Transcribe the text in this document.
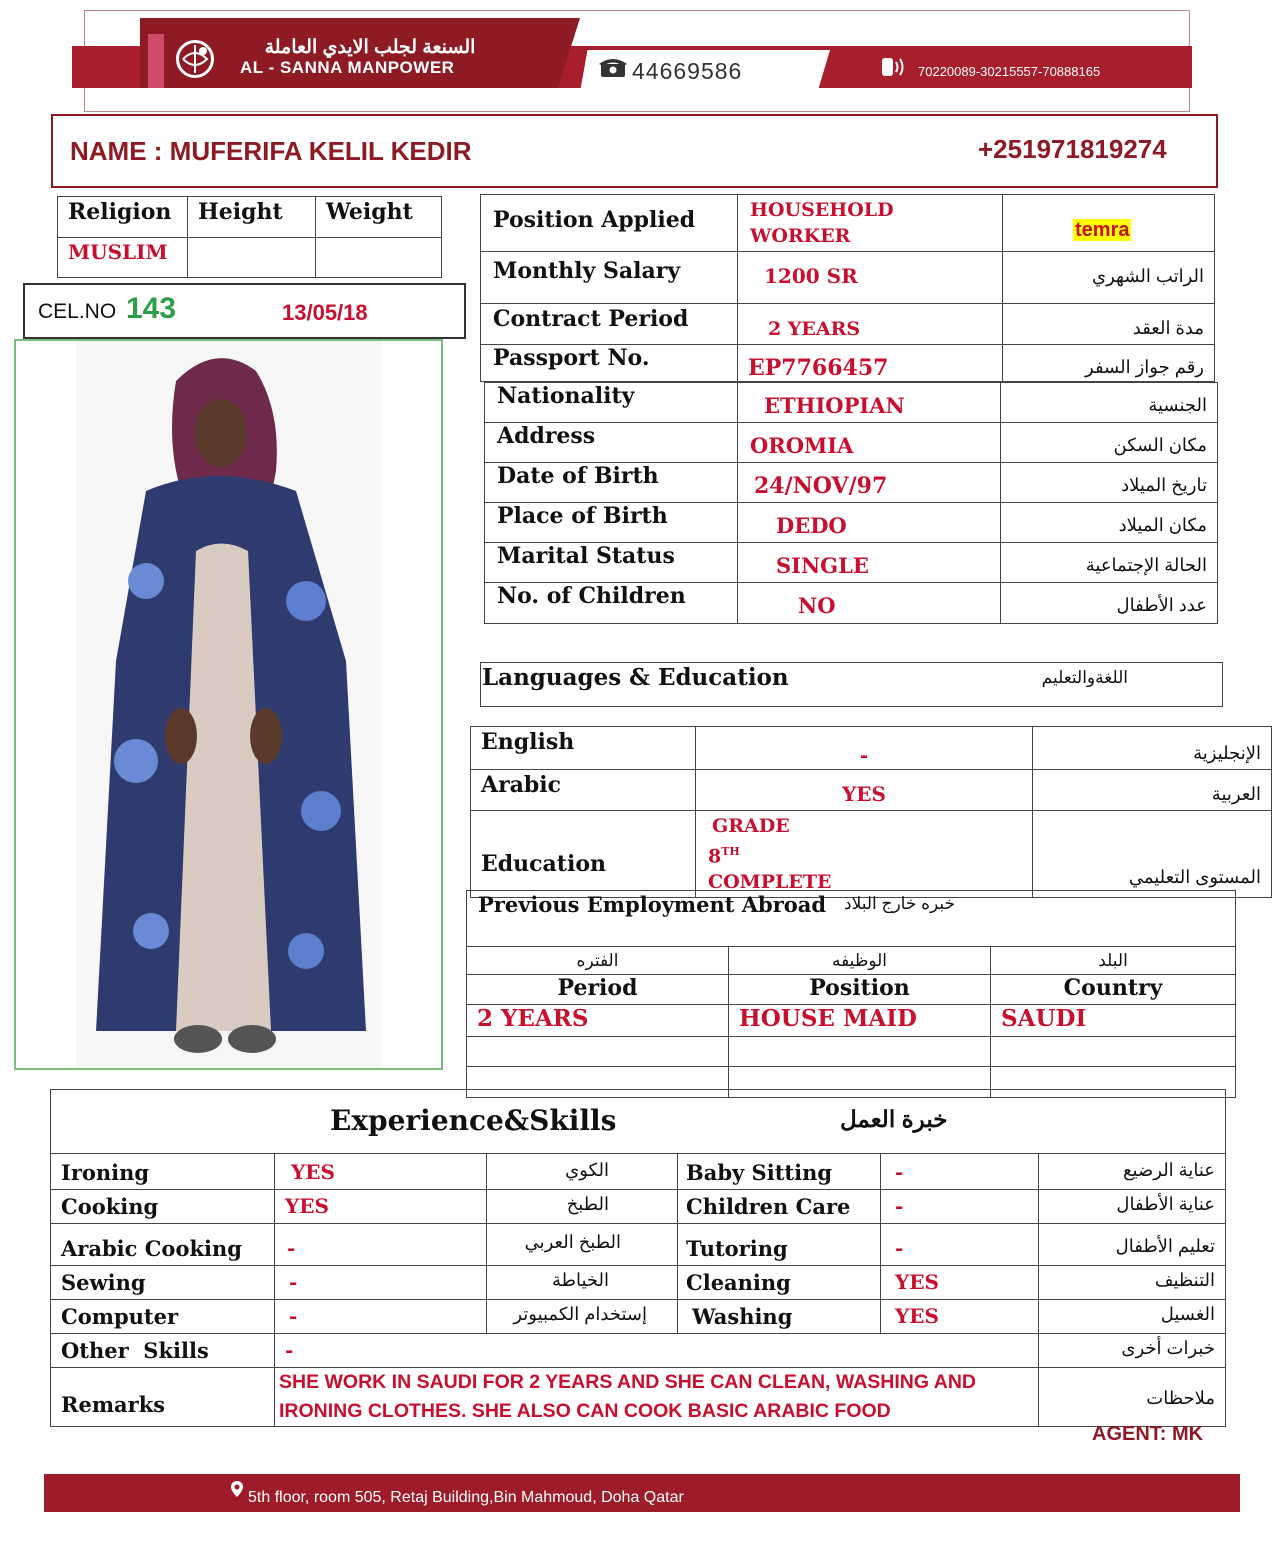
السنعة لجلب الايدي العاملة
AL - SANNA MANPOWER	44669586	70220089-30215557-70888165
NAME : MUFERIFA KELIL KEDIR	+251971819274
Religion	Height	Weight
MUSLIM		
CEL.NO 143	13/05/18
Position Applied	HOUSEHOLD WORKER	temra
Monthly Salary	1200 SR	الراتب الشهري
Contract Period	2 YEARS	مدة العقد
Passport No.	EP7766457	رقم جواز السفر
Nationality	ETHIOPIAN	الجنسية
Address	OROMIA	مكان السكن
Date of Birth	24/NOV/97	تاريخ الميلاد
Place of Birth	DEDO	مكان الميلاد
Marital Status	SINGLE	الحالة الإجتماعية
No. of Children	NO	عدد الأطفال
Languages & Education	اللغةوالتعليم
English	-	الإنجليزية
Arabic	YES	العربية
Education	GRADE
8TH
COMPLETE	المستوى التعليمي
Previous Employment Abroad خبره خارج البلاد
الفتره	الوظيفه	البلد
Period	Position	Country
2 YEARS	HOUSE MAID	SAUDI

Experience&Skills	خبرة العمل
Ironing	YES	الكوي	Baby Sitting	-	عناية الرضيع
Cooking	YES	الطبخ	Children Care	-	عناية الأطفال
Arabic Cooking	-	الطبخ العربي	Tutoring	-	تعليم الأطفال
Sewing	-	الخياطة	Cleaning	YES	التنظيف
Computer	-	إستخدام الكمبيوتر	Washing	YES	الغسيل
Other  Skills	-				خبرات أخرى
Remarks	SHE WORK IN SAUDI FOR 2 YEARS AND SHE CAN CLEAN, WASHING AND
IRONING CLOTHES. SHE ALSO CAN COOK BASIC ARABIC FOOD				ملاحظات
AGENT: MK
5th floor, room 505, Retaj Building,Bin Mahmoud, Doha Qatar
